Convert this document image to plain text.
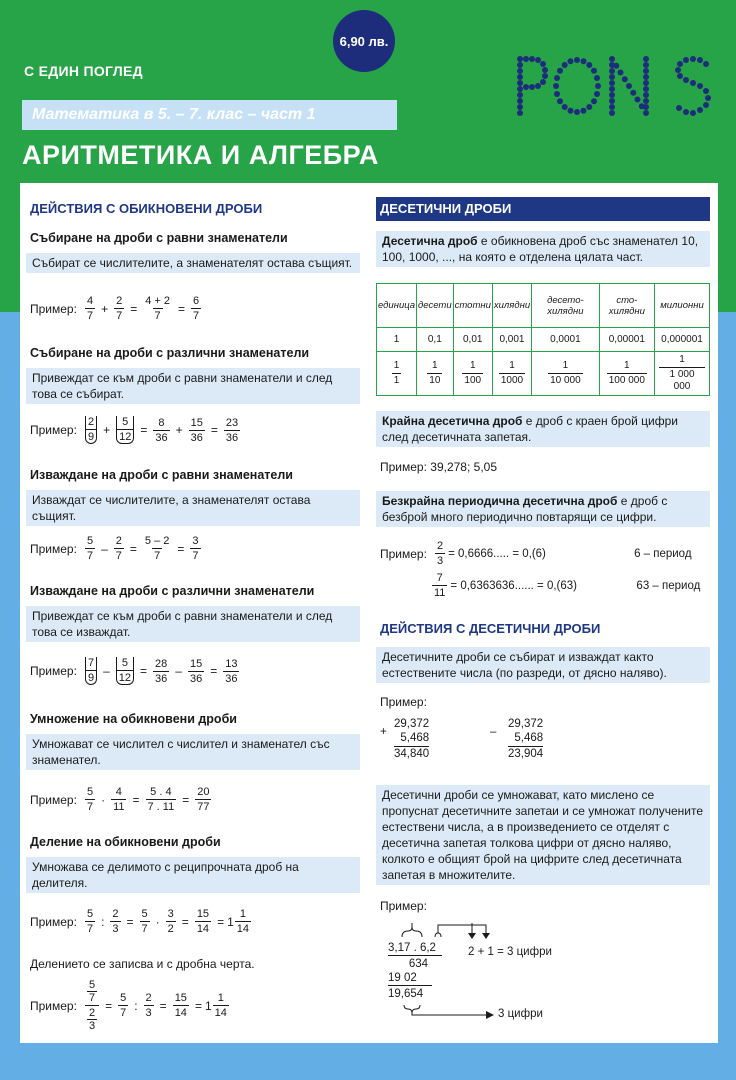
С ЕДИН ПОГЛЕД
6,90 лв.
Математика в 5. – 7. клас – част 1
АРИТМЕТИКА И АЛГЕБРА
ДЕЙСТВИЯ С ОБИКНОВЕНИ ДРОБИ
Събиране на дроби с равни знаменатели
Събират се числителите, а знаменателят остава същият.
Пример:
4
7
+ $\frac{2}{7} = \frac{4 + 2}{7} = \frac{6}{7}$
Събиране на дроби с различни знаменатели
Привеждат се към дроби с равни знаменатели и след това се събират.
Пример:
2
$9 + \frac{5}{12} = \frac{8}{36} + \frac{15}{36} = \frac{23}{36}$
Изваждане на дроби с равни знаменатели
Изваждат се числителите, а знаменателят остава същият.
Пример:
5
7
– $\frac{2}{7} = \frac{5 - 2}{7} = \frac{3}{7}$
Изваждане на дроби с различни знаменатели
Привеждат се към дроби с равни знаменатели и след това се изваждат.
Пример:
7
$9 - \frac{5}{12} = \frac{28}{36} - \frac{15}{36} = \frac{13}{36}$
Умножение на обикновени дроби
Умножават се числител с числител и знаменател със знаменател.
Пример:
5
7
· $\frac{4}{11} = \frac{5 . 4}{7 . 11} = \frac{20}{77}$
Деление на обикновени дроби
Умножава се делимото с реципрочната дроб на делителя.
Пример:
5
7
: $\frac{2}{3} = \frac{5}{7} \cdot \frac{3}{2} = \frac{15}{14} = 1$
1
14
Делението се записва и с дробна черта.
Пример: 5
7
2
$3 = \frac{5}{7}$ : $\frac{2}{3} = \frac{15}{14} = 1$
1
14
ДЕСЕТИЧНИ ДРОБИ
Десетична дроб е обикновена дроб със знаменател 10, 100, 1000, ..., на която е отделена цялата част.
единица	десети	стотни	хилядни	десето-хилядни	сто-хилядни	милионни
1	0,1	0,01	0,001	0,0001	0,00001	0,000001

$\frac{1}{1}$	$\frac{1}{10}$	$\frac{1}{100}$	$\frac{1}{1000}$	$\frac{1}{10 000}$	$\frac{1}{100 000}$	$\frac{1}{1 000 000}$
Крайна десетична дроб е дроб с краен брой цифри след десетичната запетая.
Пример: 39,278; 5,05
Безкрайна периодична десетична дроб е дроб с безброй много периодично повтарящи се цифри.
Пример: $\frac{2}{3} = 0,6666$..... = 0,(6)	6 – период
$\frac{7}{11} = 0,6363636$...... = 0,(63)	63 – период
ДЕЙСТВИЯ С ДЕСЕТИЧНИ ДРОБИ
Десетичните дроби се събират и изваждат както естествените числа (по разреди, от дясно наляво).
Пример:
+
29,372
5,468
34,840
–
29,372
5,468
23,904
Десетични дроби се умножават, като мислено се пропуснат десетичните запетаи и се умножат получените естествени числа, а в произведението се отделят с десетична запетая толкова цифри от дясно наляво, колкото е общият брой на цифрите след десетичната запетая в множителите.
Пример:
3,17 . 6,2
634
19 02
19,654
2 + 1 = 3 цифри
3 цифри
